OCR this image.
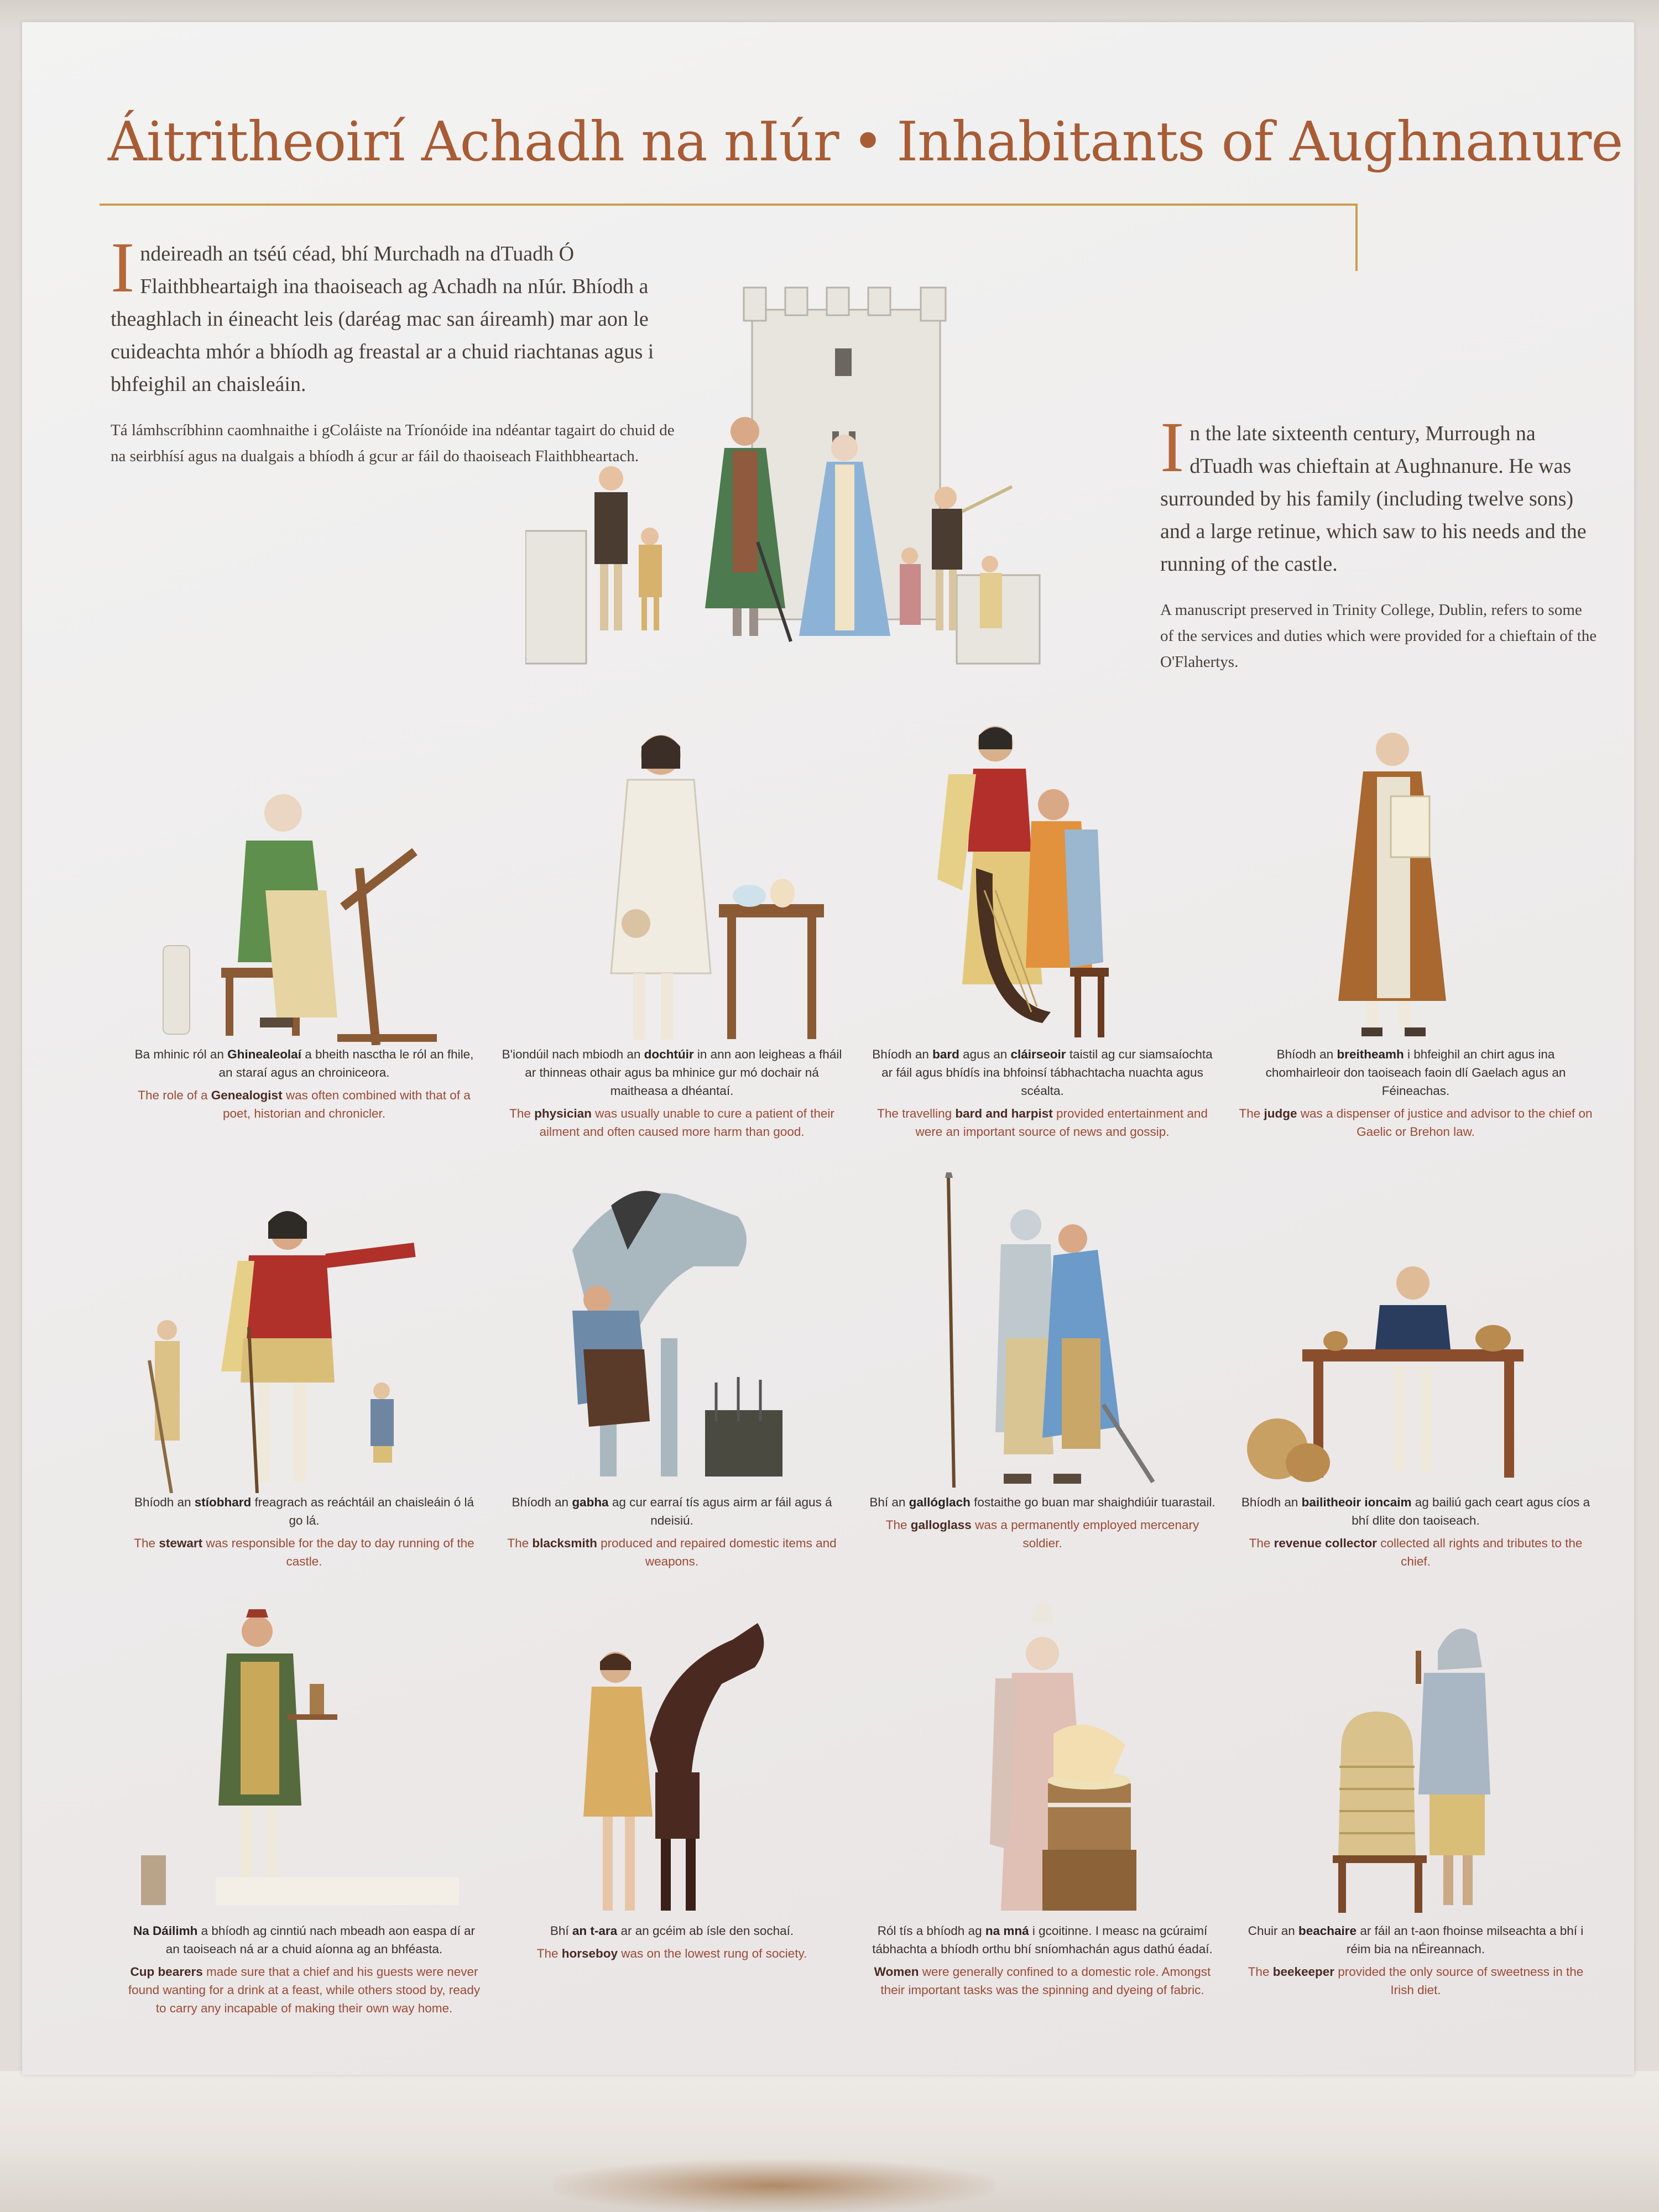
Áitritheoirí Achadh na nIúr • Inhabitants of Aughnanure

Indeireadh an tséú céad, bhí Murchadh na dTuadh Ó Flaithbheartaigh ina thaoiseach ag Achadh na nIúr. Bhíodh a theaghlach in éineacht leis (daréag mac san áireamh) mar aon le cuideachta mhór a bhíodh ag freastal ar a chuid riachtanas agus i bhfeighil an chaisleáin.

Tá lámhscríbhinn caomhnaithe i gColáiste na Tríonóide ina ndéantar tagairt do chuid de na seirbhísí agus na dualgais a bhíodh á gcur ar fáil do thaoiseach Flaithbheartach.	In the late sixteenth century, Murrough na dTuadh was chieftain at Aughnanure. He was surrounded by his family (including twelve sons) and a large retinue, which saw to his needs and the running of the castle.

A manuscript preserved in Trinity College, Dublin, refers to some of the services and duties which were provided for a chieftain of the O'Flahertys.

Ba mhinic ról an Ghinealeolaí a bheith nasctha le ról an fhile, an staraí agus an chroiniceora.

The role of a Genealogist was often combined with that of a poet, historian and chronicler.

B'iondúil nach mbiodh an dochtúir in ann aon leigheas a fháil ar thinneas othair agus ba mhinice gur mó dochair ná maitheasa a dhéantaí.

The physician was usually unable to cure a patient of their ailment and often caused more harm than good.

Bhíodh an bard agus an cláirseoir taistil ag cur siamsaíochta ar fáil agus bhídís ina bhfoinsí tábhachtacha nuachta agus scéalta.

The travelling bard and harpist provided entertainment and were an important source of news and gossip.

Bhíodh an breitheamh i bhfeighil an chirt agus ina chomhairleoir don taoiseach faoin dlí Gaelach agus an Féineachas.

The judge was a dispenser of justice and advisor to the chief on Gaelic or Brehon law.

Bhíodh an stíobhard freagrach as reáchtáil an chaisleáin ó lá go lá.

The stewart was responsible for the day to day running of the castle.

Bhíodh an gabha ag cur earraí tís agus airm ar fáil agus á ndeisiú.

The blacksmith produced and repaired domestic items and weapons.

Bhí an gallóglach fostaithe go buan mar shaighdiúir tuarastail.

The galloglass was a permanently employed mercenary soldier.

Bhíodh an bailitheoir ioncaim ag bailiú gach ceart agus cíos a bhí dlite don taoiseach.

The revenue collector collected all rights and tributes to the chief.

Na Dáilimh a bhíodh ag cinntiú nach mbeadh aon easpa dí ar an taoiseach ná ar a chuid aíonna ag an bhféasta.

Cup bearers made sure that a chief and his guests were never found wanting for a drink at a feast, while others stood by, ready to carry any incapable of making their own way home.

Bhí an t-ara ar an gcéim ab ísle den sochaí.

The horseboy was on the lowest rung of society.

Ról tís a bhíodh ag na mná i gcoitinne. I measc na gcúraimí tábhachta a bhíodh orthu bhí sníomhachán agus dathú éadaí.

Women were generally confined to a domestic role. Amongst their important tasks was the spinning and dyeing of fabric.

Chuir an beachaire ar fáil an t-aon fhoinse milseachta a bhí i réim bia na nÉireannach.

The beekeeper provided the only source of sweetness in the Irish diet.
